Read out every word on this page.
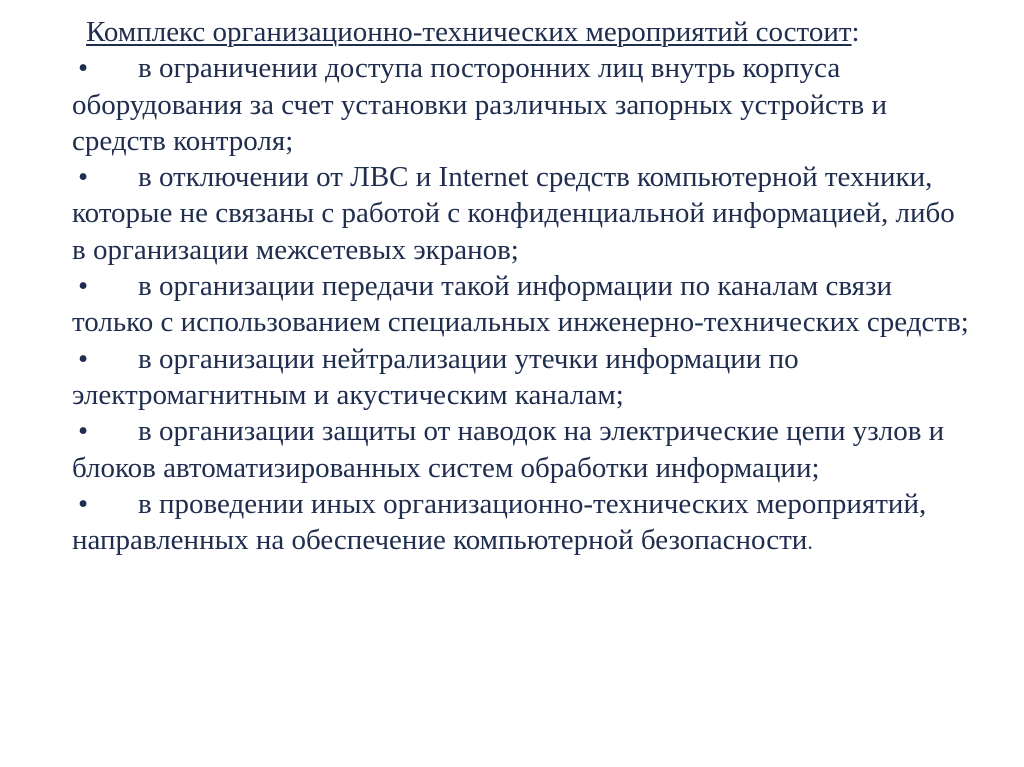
Комплекс организационно-технических мероприятий состоит:
• в ограничении доступа посторонних лиц внутрь корпуса оборудования за счет установки различных запорных устройств и средств контроля;
• в отключении от ЛВС и Internet средств компьютерной техники, которые не связаны с работой с конфиденциальной информацией, либо в организации межсетевых экранов;
• в организации передачи такой информации по каналам связи только с использованием специальных инженерно-технических средств;
• в организации нейтрализации утечки информации по электромагнитным и акустическим каналам;
• в организации защиты от наводок на электрические цепи узлов и блоков автоматизированных систем обработки информации;
• в проведении иных организационно-технических мероприятий, направленных на обеспечение компьютерной безопасности.
